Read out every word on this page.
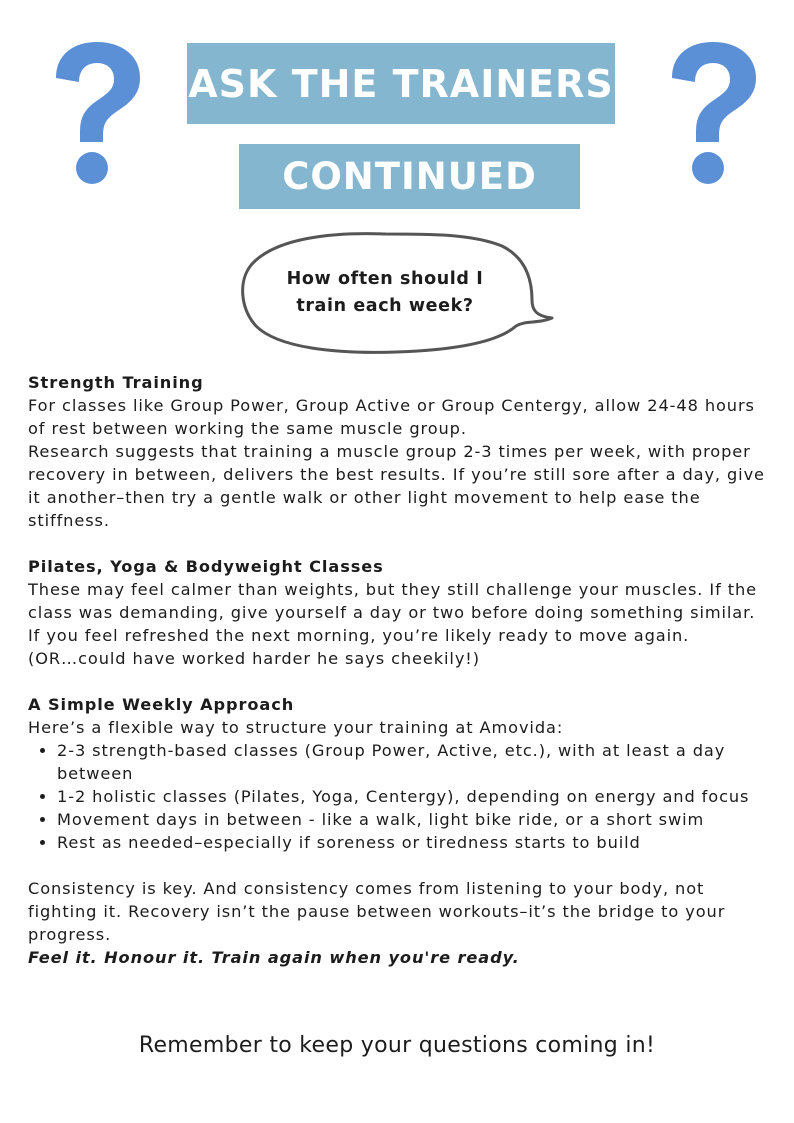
ASK THE TRAINERS
CONTINUED
How often should I
train each week?

Strength Training

For classes like Group Power, Group Active or Group Centergy, allow 24-48 hours of rest between working the same muscle group.

Research suggests that training a muscle group 2-3 times per week, with proper recovery in between, delivers the best results. If you’re still sore after a day, give it another–then try a gentle walk or other light movement to help ease the stiffness.

Pilates, Yoga & Bodyweight Classes

These may feel calmer than weights, but they still challenge your muscles. If the class was demanding, give yourself a day or two before doing something similar. If you feel refreshed the next morning, you’re likely ready to move again.

(OR…could have worked harder he says cheekily!)

A Simple Weekly Approach

Here’s a flexible way to structure your training at Amovida:

• 2-3 strength-based classes (Group Power, Active, etc.), with at least a day between
• 1-2 holistic classes (Pilates, Yoga, Centergy), depending on energy and focus
• Movement days in between - like a walk, light bike ride, or a short swim
• Rest as needed–especially if soreness or tiredness starts to build

Consistency is key. And consistency comes from listening to your body, not fighting it. Recovery isn’t the pause between workouts–it’s the bridge to your progress.

Feel it. Honour it. Train again when you're ready.

Remember to keep your questions coming in!
